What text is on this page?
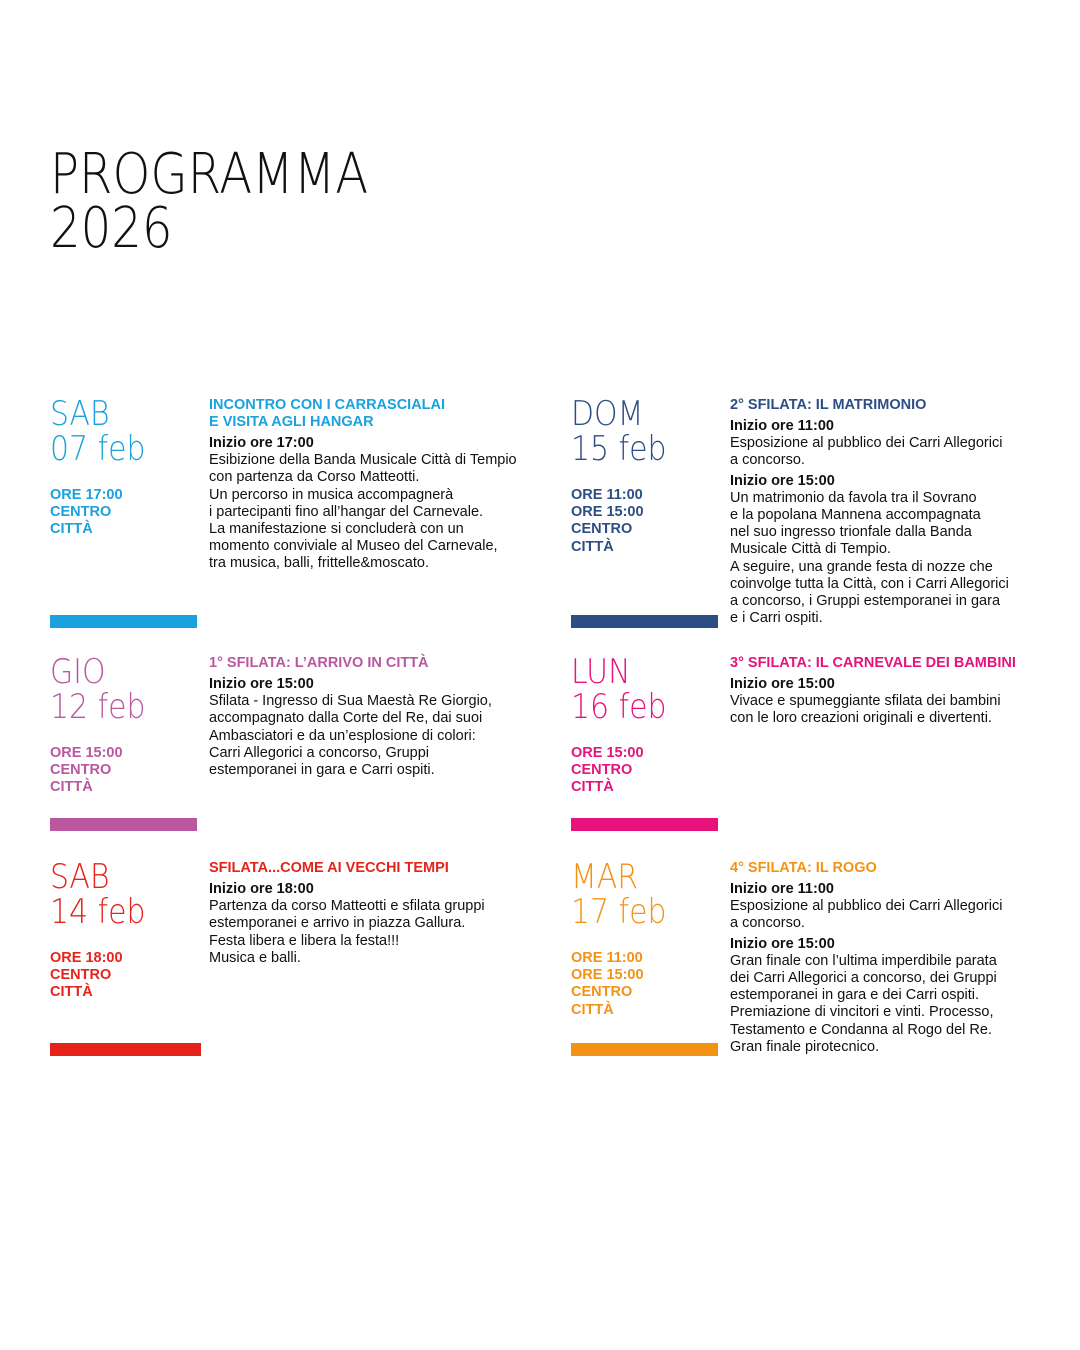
PROGRAMMA
2026
SAB
07 feb
ORE 17:00
CENTRO
CITTÀ
INCONTRO CON I CARRASCIALAI
E VISITA AGLI HANGAR
Inizio ore 17:00
Esibizione della Banda Musicale Città di Tempio
con partenza da Corso Matteotti.
Un percorso in musica accompagnerà
i partecipanti fino all’hangar del Carnevale.
La manifestazione si concluderà con un
momento conviviale al Museo del Carnevale,
tra musica, balli, frittelle&moscato.
DOM
15 feb
ORE 11:00
ORE 15:00
CENTRO
CITTÀ
2° SFILATA: IL MATRIMONIO
Inizio ore 11:00
Esposizione al pubblico dei Carri Allegorici
a concorso.
Inizio ore 15:00
Un matrimonio da favola tra il Sovrano
e la popolana Mannena accompagnata
nel suo ingresso trionfale dalla Banda
Musicale Città di Tempio.
A seguire, una grande festa di nozze che
coinvolge tutta la Città, con i Carri Allegorici
a concorso, i Gruppi estemporanei in gara
e i Carri ospiti.
GIO
12 feb
ORE 15:00
CENTRO
CITTÀ
1° SFILATA: L’ARRIVO IN CITTÀ
Inizio ore 15:00
Sfilata - Ingresso di Sua Maestà Re Giorgio,
accompagnato dalla Corte del Re, dai suoi
Ambasciatori e da un’esplosione di colori:
Carri Allegorici a concorso, Gruppi
estemporanei in gara e Carri ospiti.
LUN
16 feb
ORE 15:00
CENTRO
CITTÀ
3° SFILATA: IL CARNEVALE DEI BAMBINI
Inizio ore 15:00
Vivace e spumeggiante sfilata dei bambini
con le loro creazioni originali e divertenti.
SAB
14 feb
ORE 18:00
CENTRO
CITTÀ
SFILATA...COME AI VECCHI TEMPI
Inizio ore 18:00
Partenza da corso Matteotti e sfilata gruppi
estemporanei e arrivo in piazza Gallura.
Festa libera e libera la festa!!!
Musica e balli.
MAR
17 feb
ORE 11:00
ORE 15:00
CENTRO
CITTÀ
4° SFILATA: IL ROGO
Inizio ore 11:00
Esposizione al pubblico dei Carri Allegorici
a concorso.
Inizio ore 15:00
Gran finale con l’ultima imperdibile parata
dei Carri Allegorici a concorso, dei Gruppi
estemporanei in gara e dei Carri ospiti.
Premiazione di vincitori e vinti. Processo,
Testamento e Condanna al Rogo del Re.
Gran finale pirotecnico.
